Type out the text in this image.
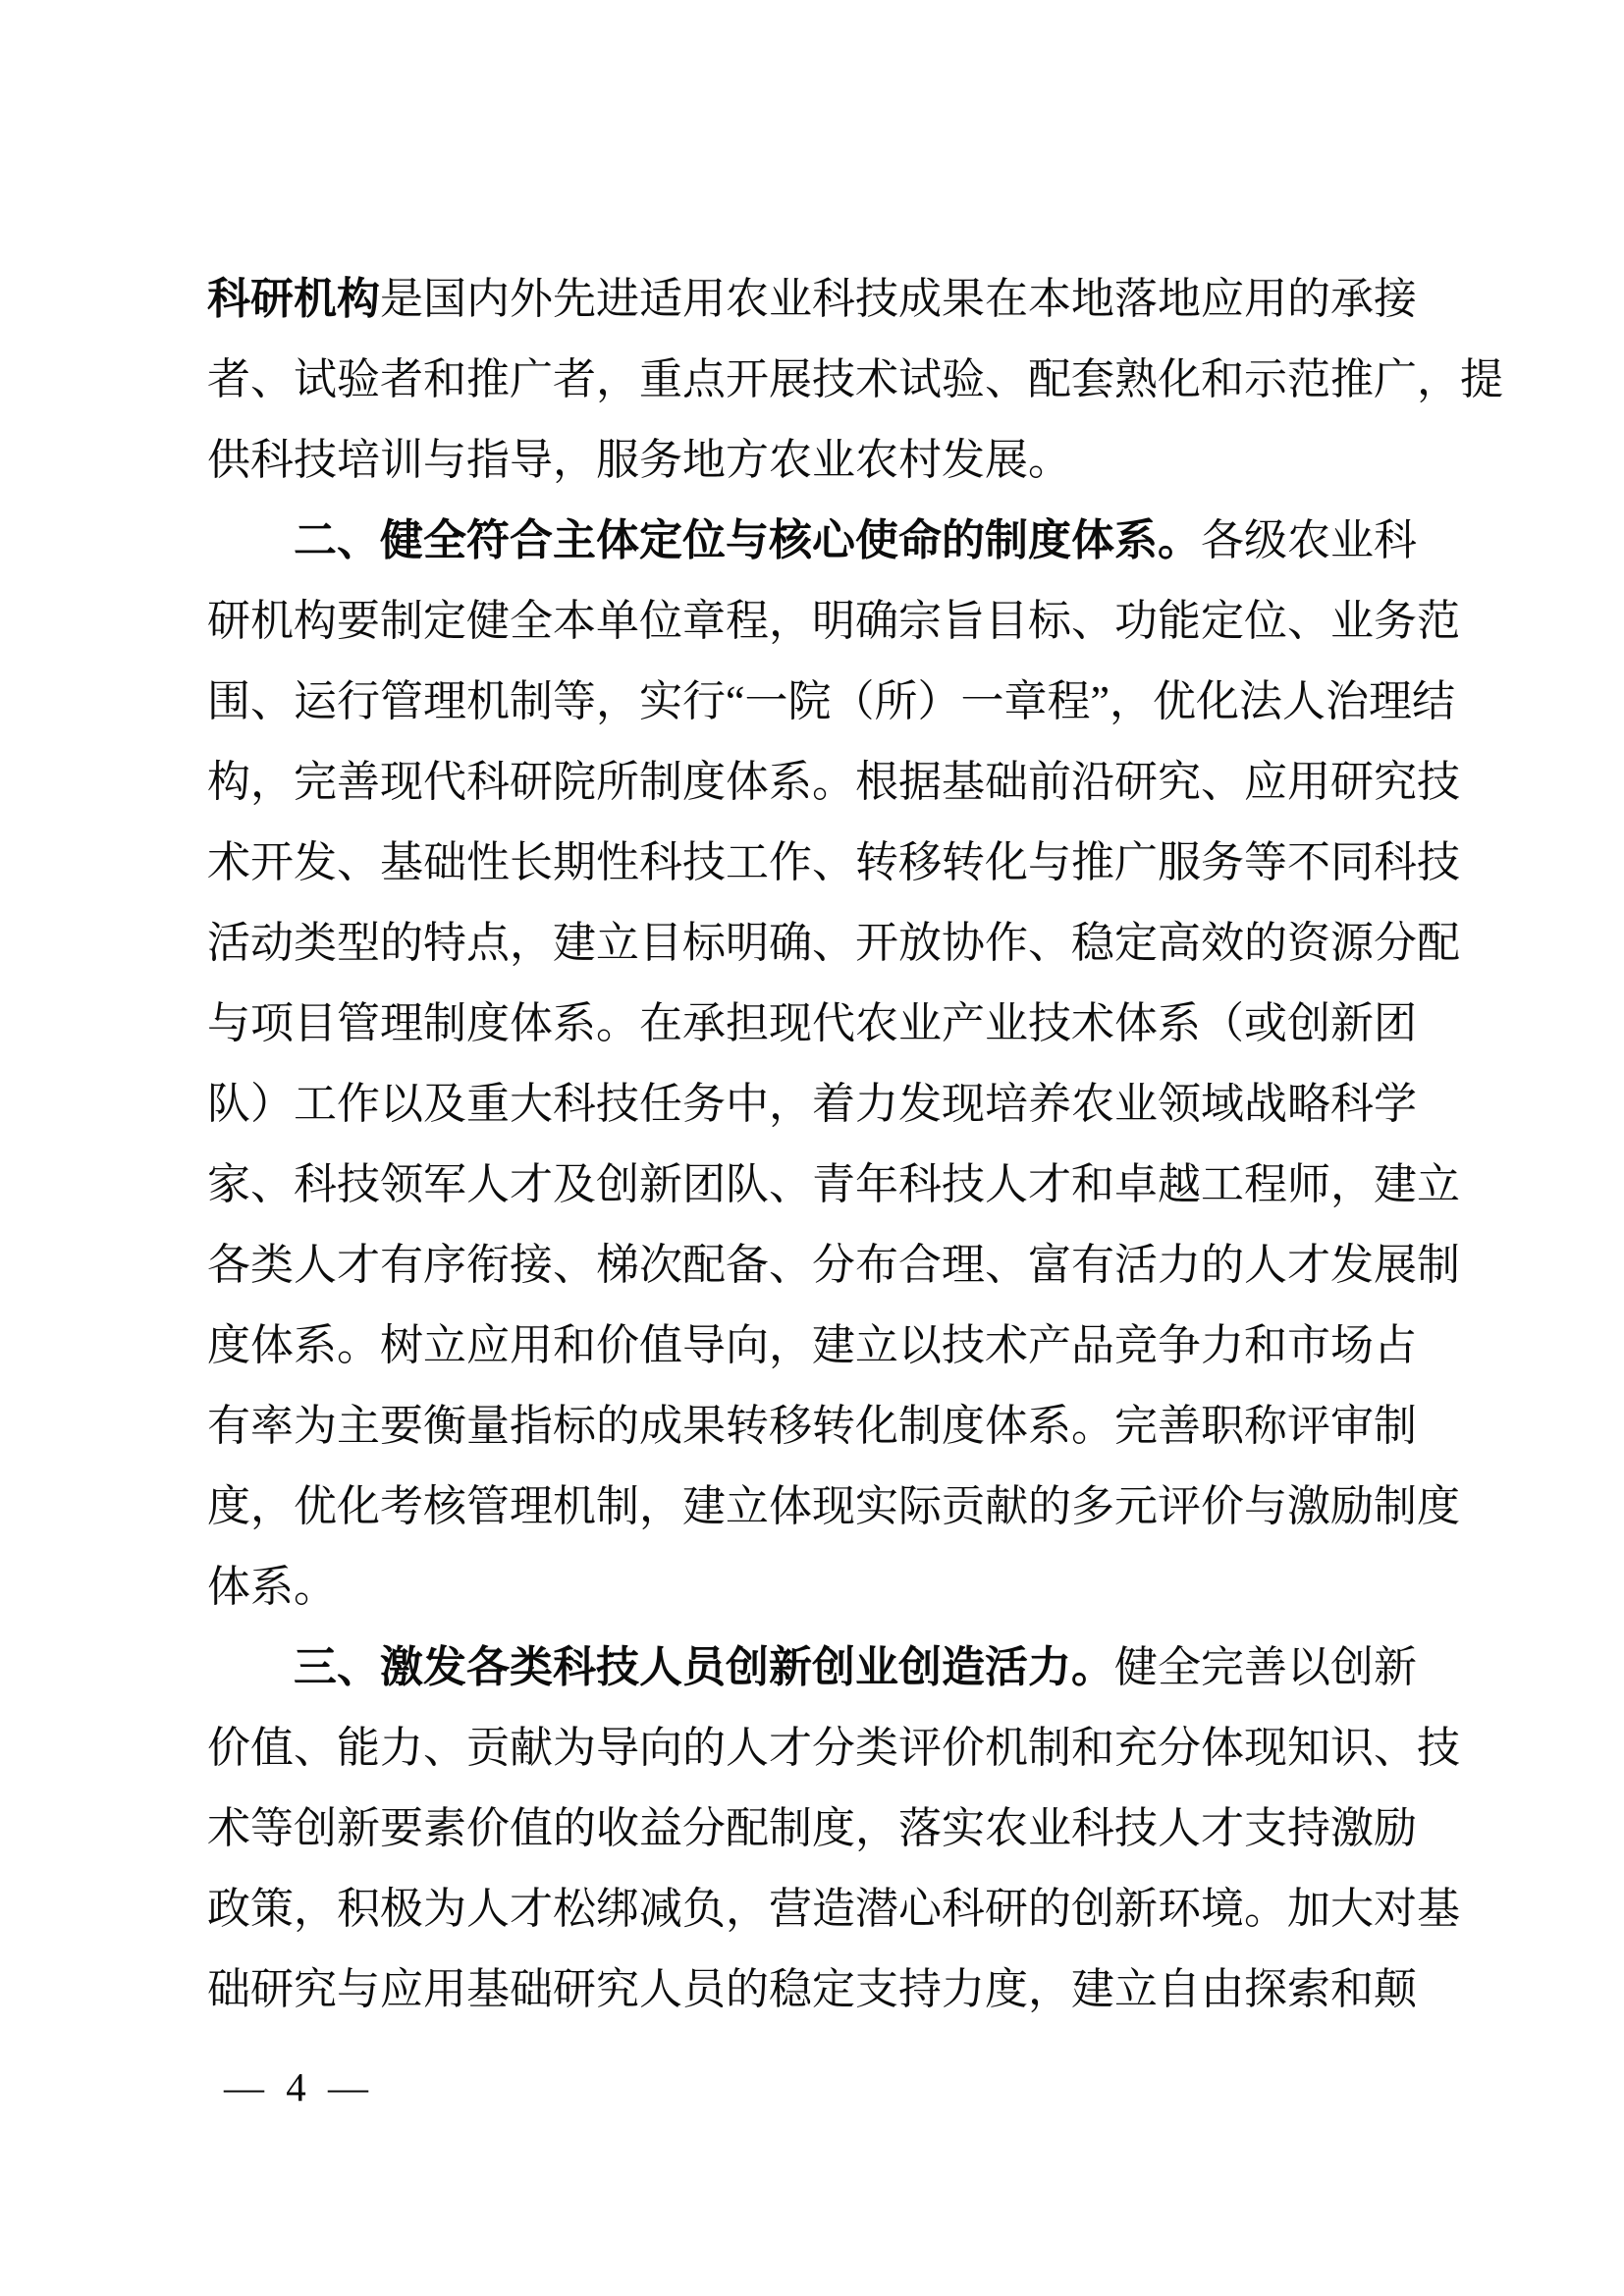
科研机构是国内外先进适用农业科技成果在本地落地应用的承接
者、试验者和推广者，重点开展技术试验、配套熟化和示范推广，提
供科技培训与指导，服务地方农业农村发展。
二、健全符合主体定位与核心使命的制度体系。各级农业科
研机构要制定健全本单位章程，明确宗旨目标、功能定位、业务范
围、运行管理机制等，实行“一院（所）一章程”，优化法人治理结
构，完善现代科研院所制度体系。根据基础前沿研究、应用研究技
术开发、基础性长期性科技工作、转移转化与推广服务等不同科技
活动类型的特点，建立目标明确、开放协作、稳定高效的资源分配
与项目管理制度体系。在承担现代农业产业技术体系（或创新团
队）工作以及重大科技任务中，着力发现培养农业领域战略科学
家、科技领军人才及创新团队、青年科技人才和卓越工程师，建立
各类人才有序衔接、梯次配备、分布合理、富有活力的人才发展制
度体系。树立应用和价值导向，建立以技术产品竞争力和市场占
有率为主要衡量指标的成果转移转化制度体系。完善职称评审制
度，优化考核管理机制，建立体现实际贡献的多元评价与激励制度
体系。
三、激发各类科技人员创新创业创造活力。健全完善以创新
价值、能力、贡献为导向的人才分类评价机制和充分体现知识、技
术等创新要素价值的收益分配制度，落实农业科技人才支持激励
政策，积极为人才松绑减负，营造潜心科研的创新环境。加大对基
础研究与应用基础研究人员的稳定支持力度，建立自由探索和颠
— 4 —
